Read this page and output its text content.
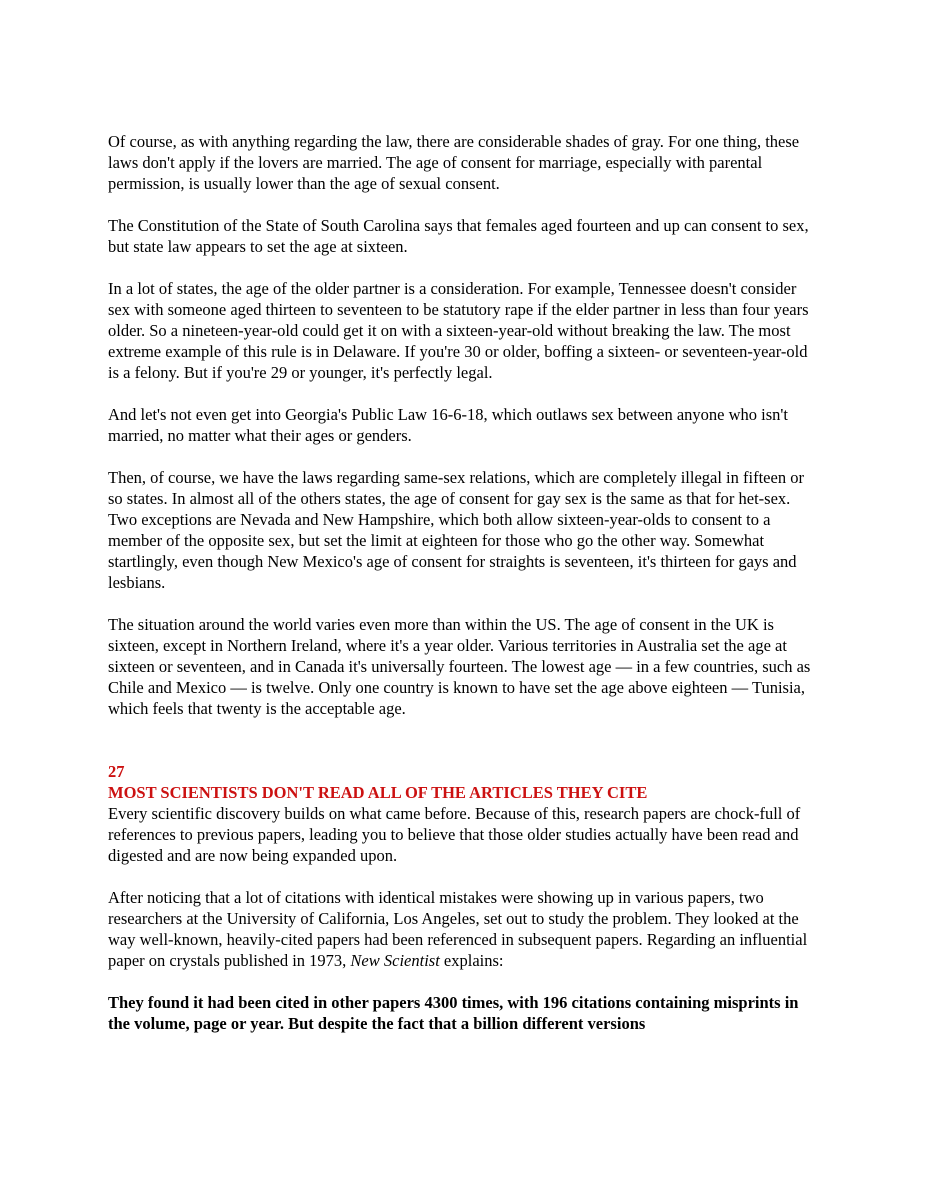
Of course, as with anything regarding the law, there are considerable shades of gray. For one thing, these laws don't apply if the lovers are married. The age of consent for marriage, especially with parental permission, is usually lower than the age of sexual consent.

The Constitution of the State of South Carolina says that females aged fourteen and up can consent to sex, but state law appears to set the age at sixteen.

In a lot of states, the age of the older partner is a consideration. For example, Tennessee doesn't consider sex with someone aged thirteen to seventeen to be statutory rape if the elder partner in less than four years older. So a nineteen-year-old could get it on with a sixteen-year-old without breaking the law. The most extreme example of this rule is in Delaware. If you're 30 or older, boffing a sixteen- or seventeen-year-old is a felony. But if you're 29 or younger, it's perfectly legal.

And let's not even get into Georgia's Public Law 16-6-18, which outlaws sex between anyone who isn't married, no matter what their ages or genders.

Then, of course, we have the laws regarding same-sex relations, which are completely illegal in fifteen or so states. In almost all of the others states, the age of consent for gay sex is the same as that for het-sex. Two exceptions are Nevada and New Hampshire, which both allow sixteen-year-olds to consent to a member of the opposite sex, but set the limit at eighteen for those who go the other way. Somewhat startlingly, even though New Mexico's age of consent for straights is seventeen, it's thirteen for gays and lesbians.

The situation around the world varies even more than within the US. The age of consent in the UK is sixteen, except in Northern Ireland, where it's a year older. Various territories in Australia set the age at sixteen or seventeen, and in Canada it's universally fourteen. The lowest age — in a few countries, such as Chile and Mexico — is twelve. Only one country is known to have set the age above eighteen — Tunisia, which feels that twenty is the acceptable age.

27
MOST SCIENTISTS DON'T READ ALL OF THE ARTICLES THEY CITE

Every scientific discovery builds on what came before. Because of this, research papers are chock-full of references to previous papers, leading you to believe that those older studies actually have been read and digested and are now being expanded upon.

After noticing that a lot of citations with identical mistakes were showing up in various papers, two researchers at the University of California, Los Angeles, set out to study the problem. They looked at the way well-known, heavily-cited papers had been referenced in subsequent papers. Regarding an influential paper on crystals published in 1973, New Scientist explains:

They found it had been cited in other papers 4300 times, with 196 citations containing misprints in the volume, page or year. But despite the fact that a billion different versions
